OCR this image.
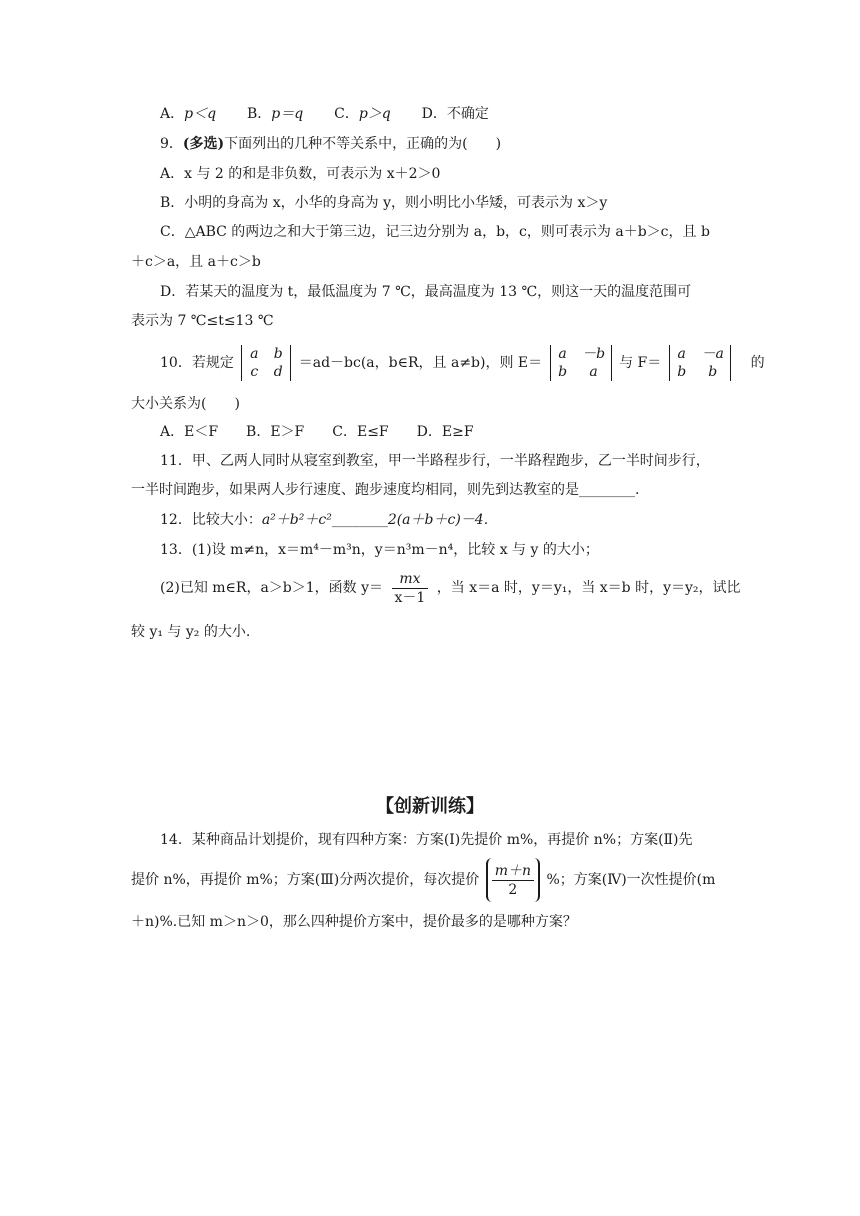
A．p＜q B．p＝q C．p＞q D．不确定
9．(多选)下面列出的几种不等关系中，正确的为(　　)
A．x 与 2 的和是非负数，可表示为 x＋2＞0
B．小明的身高为 x，小华的身高为 y，则小明比小华矮，可表示为 x＞y
C．△ABC 的两边之和大于第三边，记三边分别为 a，b，c，则可表示为 a＋b＞c，且 b
＋c＞a，且 a＋c＞b
D．若某天的温度为 t，最低温度为 7 ℃，最高温度为 13 ℃，则这一天的温度范围可
表示为 7 ℃≤t≤13 ℃
10．若规定
a b
c d
＝ad－bc(a，b∈R，且 a≠b)，则 E＝
a －b
b a
与 F＝
a －a
b b
的
大小关系为(　　)
A．E＜F　　B．E＞F　　C．E≤F　　D．E≥F
11．甲、乙两人同时从寝室到教室，甲一半路程步行，一半路程跑步，乙一半时间步行，
一半时间跑步，如果两人步行速度、跑步速度均相同，则先到达教室的是________.
12．比较大小：a²＋b²＋c²________2(a＋b＋c)－4.
13．(1)设 m≠n，x＝m⁴－m³n，y＝n³m－n⁴，比较 x 与 y 的大小；
(2)已知 m∈R，a＞b＞1，函数 $y= \frac{mx}{x-1}$ ，当 x＝a 时，y＝y₁，当 x＝b 时，y＝y₂，试比
较 y₁ 与 y₂ 的大小.
【创新训练】
14．某种商品计划提价，现有四种方案：方案(Ⅰ)先提价 m%，再提价 n%；方案(Ⅱ)先
提价 n%，再提价 m%；方案(Ⅲ)分两次提价，每次提价 $\frac{m+n}{2}$ %；方案(Ⅳ)一次性提价(m
＋n)%.已知 m＞n＞0，那么四种提价方案中，提价最多的是哪种方案？
